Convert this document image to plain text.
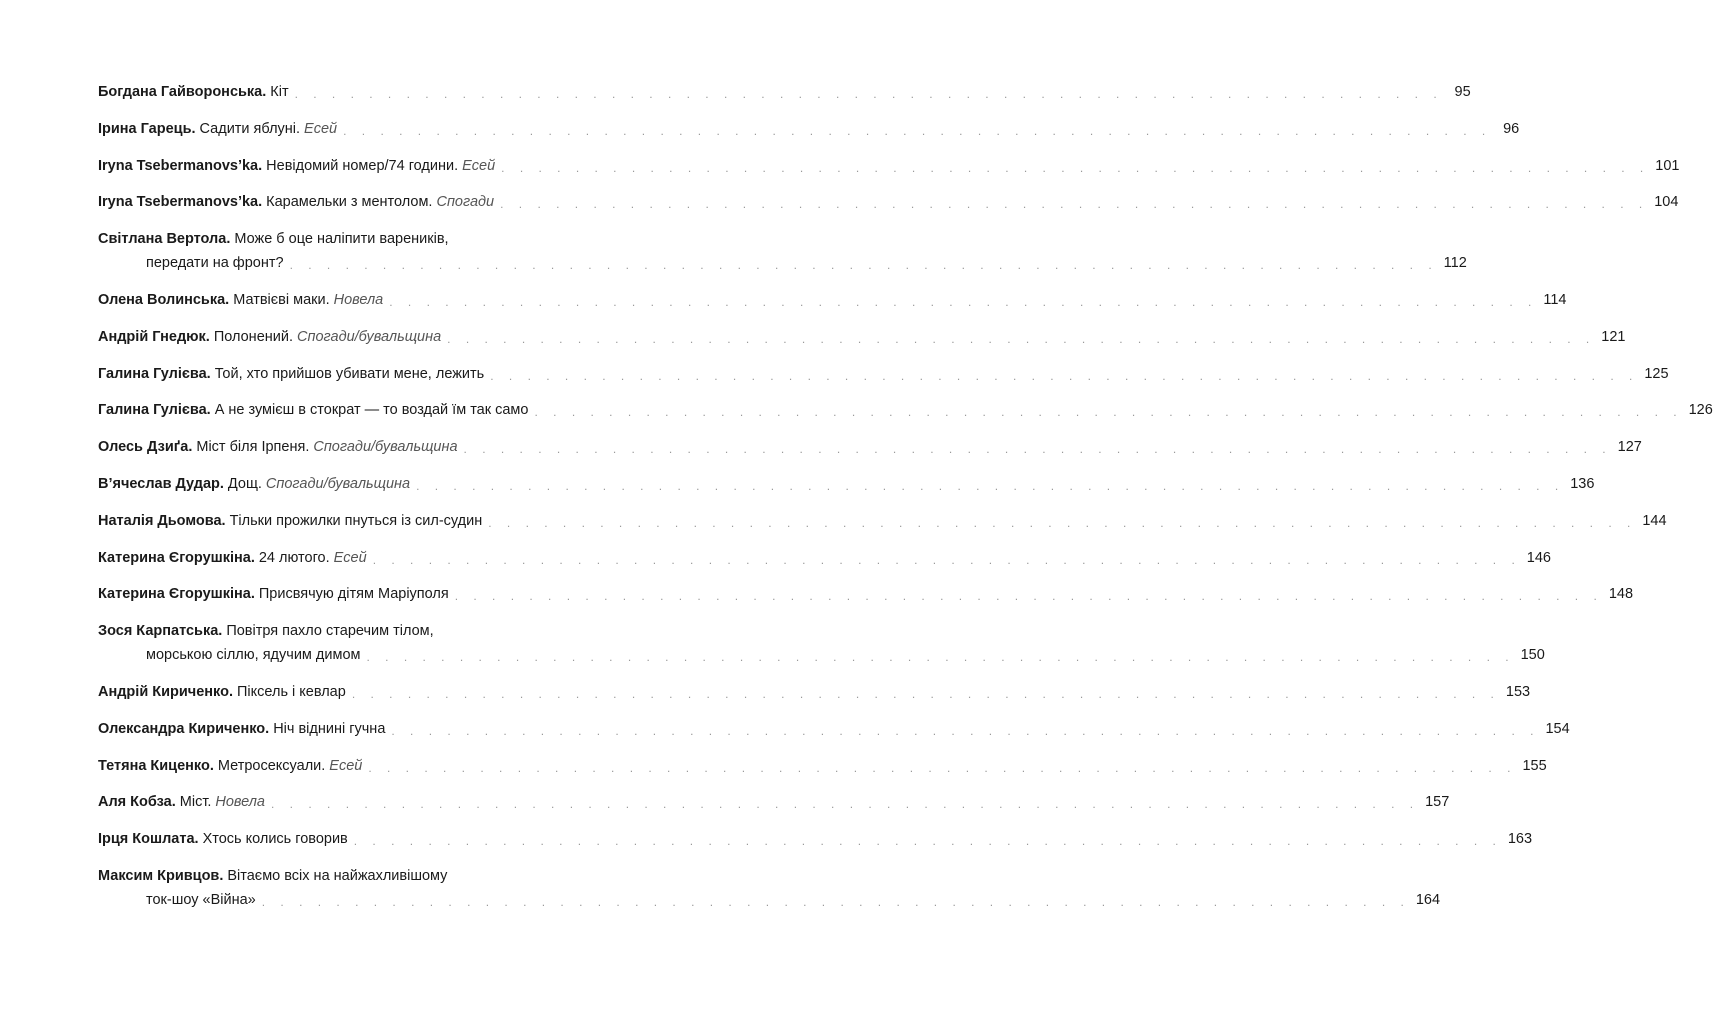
Богдана Гайворонська. Кіт . . . . . . . . . . . . . . . . . . . . . . . . . . . . . . . . . . . . . . . . . . . . . . . . . . . . . . . . . . . . . . 95
Ірина Гарець. Садити яблуні. Есей . . . . . . . . . . . . . . . . . . . . . . . . . . . . . . . . . . . . . . . . . . . . . . . . . . . . . . . . . . . . . . 96
Iryna Tsebermanovs’ka. Невідомий номер/74 години. Есей . . . . . . . . . . . . . . . . . . . . . . . . . . . . . . . . . . . . . . . . . . . . . . . . . . . . . . . . . . . . . . 101
Iryna Tsebermanovs’ka. Карамельки з ментолом. Спогади . . . . . . . . . . . . . . . . . . . . . . . . . . . . . . . . . . . . . . . . . . . . . . . . . . . . . . . . . . . . . . 104
Світлана Вертола. Може б оце наліпити вареників,
передати на фронт? . . . . . . . . . . . . . . . . . . . . . . . . . . . . . . . . . . . . . . . . . . . . . . . . . . . . . . . . . . . . . . 112
Олена Волинська. Матвієві маки. Новела . . . . . . . . . . . . . . . . . . . . . . . . . . . . . . . . . . . . . . . . . . . . . . . . . . . . . . . . . . . . . . 114
Андрій Гнедюк. Полонений. Спогади/бувальщина . . . . . . . . . . . . . . . . . . . . . . . . . . . . . . . . . . . . . . . . . . . . . . . . . . . . . . . . . . . . . . 121
Галина Гулієва. Той, хто прийшов убивати мене, лежить . . . . . . . . . . . . . . . . . . . . . . . . . . . . . . . . . . . . . . . . . . . . . . . . . . . . . . . . . . . . . . 125
Галина Гулієва. А не зумієш в стократ — то воздай їм так само . . . . . . . . . . . . . . . . . . . . . . . . . . . . . . . . . . . . . . . . . . . . . . . . . . . . . . . . . . . . . . 126
Олесь Дзиґа. Міст біля Ірпеня. Спогади/бувальщина . . . . . . . . . . . . . . . . . . . . . . . . . . . . . . . . . . . . . . . . . . . . . . . . . . . . . . . . . . . . . . 127
В’ячеслав Дудар. Дощ. Спогади/бувальщина . . . . . . . . . . . . . . . . . . . . . . . . . . . . . . . . . . . . . . . . . . . . . . . . . . . . . . . . . . . . . . 136
Наталія Дьомова. Тільки прожилки пнуться із сил-судин . . . . . . . . . . . . . . . . . . . . . . . . . . . . . . . . . . . . . . . . . . . . . . . . . . . . . . . . . . . . . . 144
Катерина Єгорушкіна. 24 лютого. Есей . . . . . . . . . . . . . . . . . . . . . . . . . . . . . . . . . . . . . . . . . . . . . . . . . . . . . . . . . . . . . . 146
Катерина Єгорушкіна. Присвячую дітям Маріуполя . . . . . . . . . . . . . . . . . . . . . . . . . . . . . . . . . . . . . . . . . . . . . . . . . . . . . . . . . . . . . . 148
Зося Карпатська. Повітря пахло старечим тілом,
морською сіллю, ядучим димом . . . . . . . . . . . . . . . . . . . . . . . . . . . . . . . . . . . . . . . . . . . . . . . . . . . . . . . . . . . . . . 150
Андрій Кириченко. Піксель і кевлар . . . . . . . . . . . . . . . . . . . . . . . . . . . . . . . . . . . . . . . . . . . . . . . . . . . . . . . . . . . . . . 153
Олександра Кириченко. Ніч віднині гучна . . . . . . . . . . . . . . . . . . . . . . . . . . . . . . . . . . . . . . . . . . . . . . . . . . . . . . . . . . . . . . 154
Тетяна Киценко. Метросексуали. Есей . . . . . . . . . . . . . . . . . . . . . . . . . . . . . . . . . . . . . . . . . . . . . . . . . . . . . . . . . . . . . . 155
Аля Кобза. Міст. Новела . . . . . . . . . . . . . . . . . . . . . . . . . . . . . . . . . . . . . . . . . . . . . . . . . . . . . . . . . . . . . . 157
Ірця Кошлата. Хтось колись говорив . . . . . . . . . . . . . . . . . . . . . . . . . . . . . . . . . . . . . . . . . . . . . . . . . . . . . . . . . . . . . . 163
Максим Кривцов. Вітаємо всіх на найжахливішому
ток-шоу «Війна» . . . . . . . . . . . . . . . . . . . . . . . . . . . . . . . . . . . . . . . . . . . . . . . . . . . . . . . . . . . . . . 164
